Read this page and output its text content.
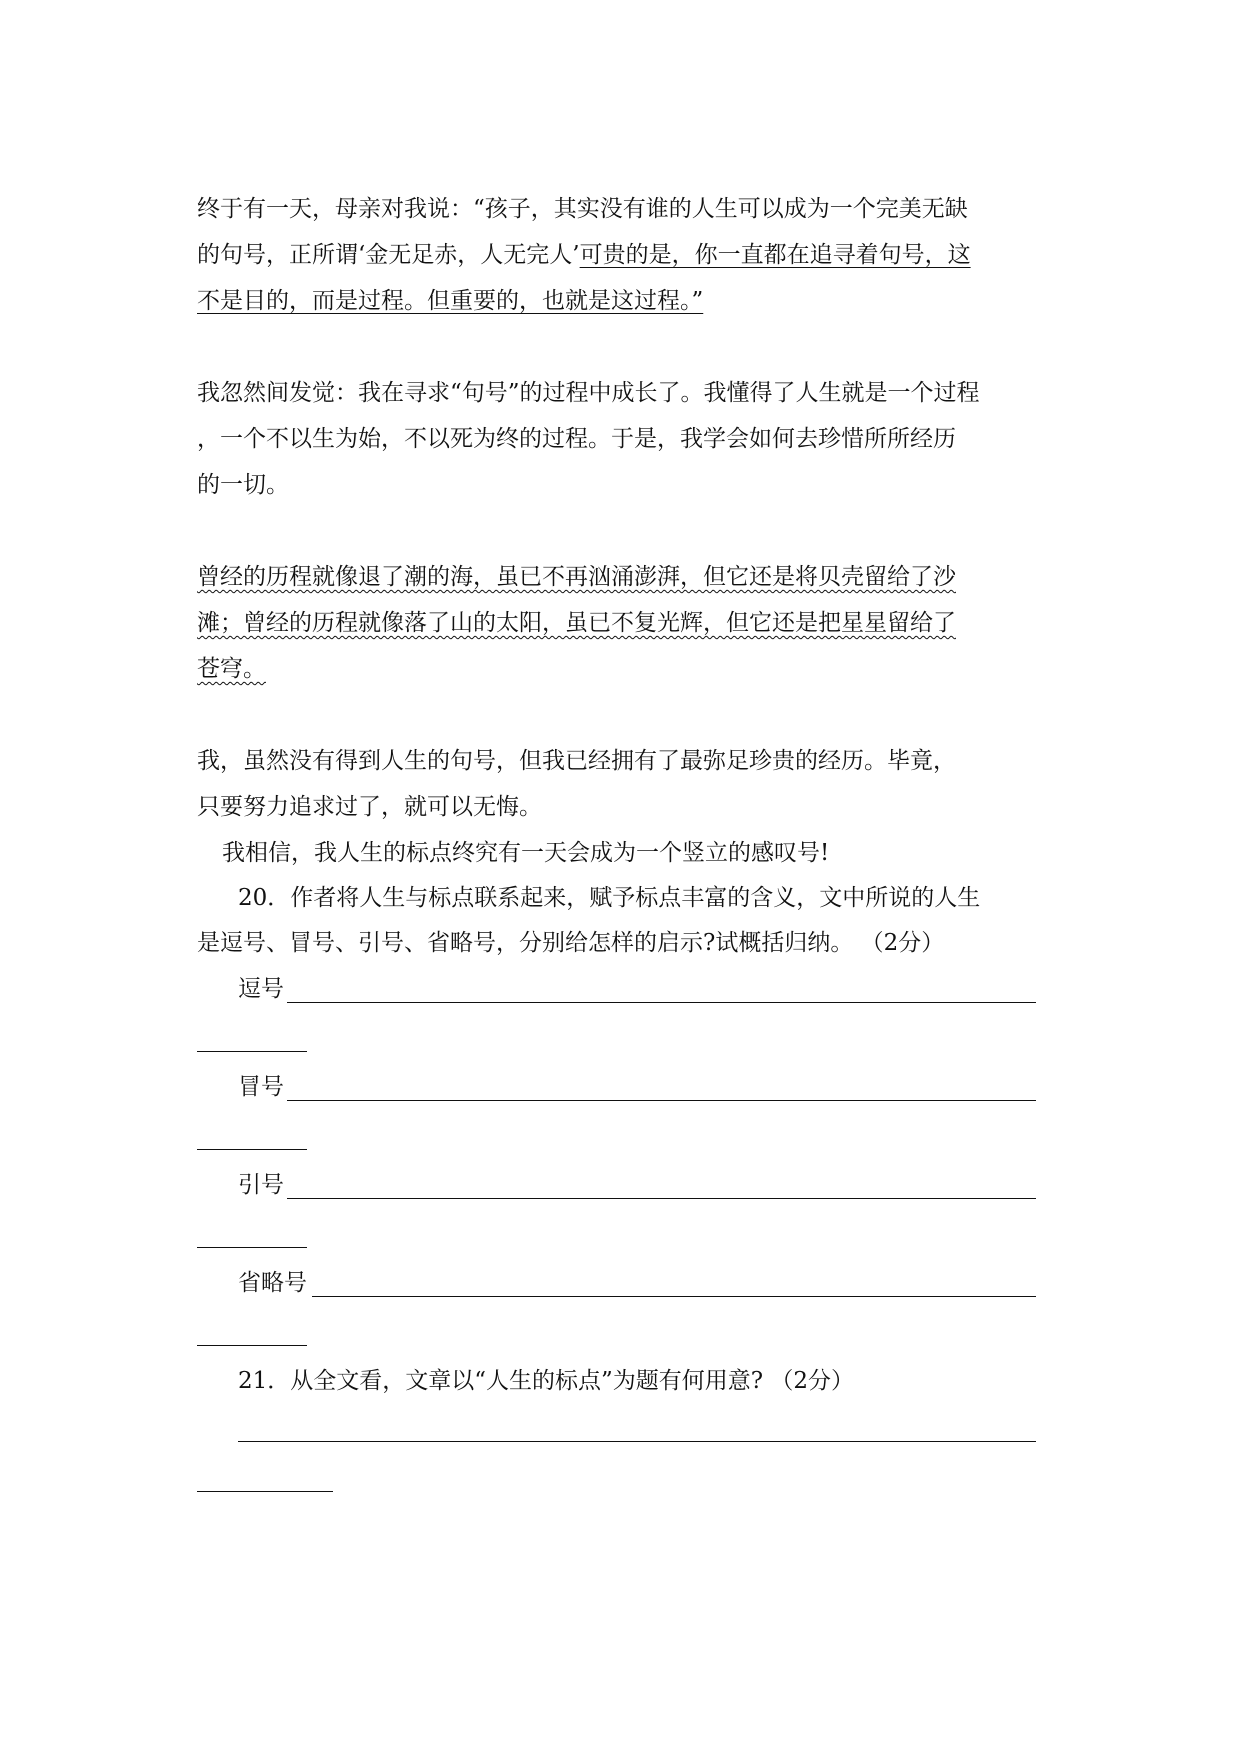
终于有一天，母亲对我说：“孩子，其实没有谁的人生可以成为一个完美无缺
的句号，正所谓‘金无足赤，人无完人’可贵的是，你一直都在追寻着句号，这
不是目的，而是过程。但重要的，也就是这过程。”
我忽然间发觉：我在寻求“句号”的过程中成长了。我懂得了人生就是一个过程
，一个不以生为始，不以死为终的过程。于是，我学会如何去珍惜所所经历
的一切。
曾经的历程就像退了潮的海，虽已不再汹涌澎湃，但它还是将贝壳留给了沙
滩；曾经的历程就像落了山的太阳，虽已不复光辉，但它还是把星星留给了
苍穹。
我，虽然没有得到人生的句号，但我已经拥有了最弥足珍贵的经历。毕竟，
只要努力追求过了，就可以无悔。
我相信，我人生的标点终究有一天会成为一个竖立的感叹号!
20．作者将人生与标点联系起来，赋予标点丰富的含义，文中所说的人生
是逗号、冒号、引号、省略号，分别给怎样的启示?试概括归纳。 （2分）
逗号
冒号
引号
省略号
21．从全文看，文章以“人生的标点”为题有何用意? （2分）
